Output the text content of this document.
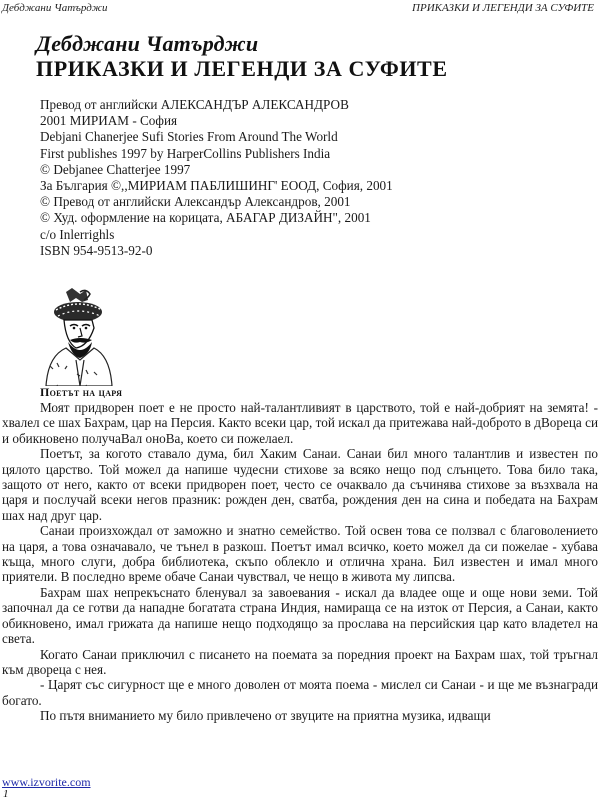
Дебджани Чатърджи	ПРИКАЗКИ И ЛЕГЕНДИ ЗА СУФИТЕ
Дебджани Чатърджи
ПРИКАЗКИ И ЛЕГЕНДИ ЗА СУФИТЕ
Превод от английски АЛЕКСАНДЪР АЛЕКСАНДРОВ
2001 МИРИАМ - София
Debjani Chanerjee Sufi Stories From Around The World
First publishes 1997 by HarperCollins Publishers India
© Debjanee Chatterjee 1997
За България ©,,МИРИАМ ПАБЛИШИНГ' ЕООД, София, 2001
© Превод от английски Александър Александров, 2001
© Худ. оформление на корицата, АБАГАР ДИЗАЙН", 2001
c/o Inlerrighls
ISBN 954-9513-92-0
Поетът на царя

Моят придворен поет е не просто най-талантливият в царството, той е най-добрият на земята! - хвалел се шах Бахрам, цар на Персия. Както всеки цар, той искал да притежава най-доброто в дВореца си и обикновено получаВал оноВа, което си пожелаел.

Поетът, за когото ставало дума, бил Хаким Санаи. Санаи бил много талантлив и известен по цялото царство. Той можел да напише чудесни стихове за всяко нещо под слънцето. Това било така, защото от него, както от всеки придворен поет, често се очаквало да съчинява стихове за възхвала на царя и послучай всеки негов празник: рожден ден, сватба, рождения ден на сина и победата на Бахрам шах над друг цар.

Санаи произхождал от заможно и знатно семейство. Той освен това се ползвал с благоволението на царя, а това означавало, че тънел в разкош. Поетът имал всичко, което можел да си пожелае - хубава къща, много слуги, добра библиотека, скъпо облекло и отлична храна. Бил известен и имал много приятели. В последно време обаче Санаи чувствал, че нещо в живота му липсва.

Бахрам шах непрекъснато бленувал за завоевания - искал да владее още и още нови земи. Той започнал да се готви да нападне богатата страна Индия, намираща се на изток от Персия, а Санаи, както обикновено, имал грижата да напише нещо подходящо за прослава на персийския цар като владетел на света.

Когато Санаи приключил с писането на поемата за поредния проект на Бахрам шах, той тръгнал към двореца с нея.

- Царят със сигурност ще е много доволен от моята поема - мислел си Санаи - и ще ме възнагради богато.

По пътя вниманието му било привлечено от звуците на приятна музика, идващи

www.izvorite.com
1
